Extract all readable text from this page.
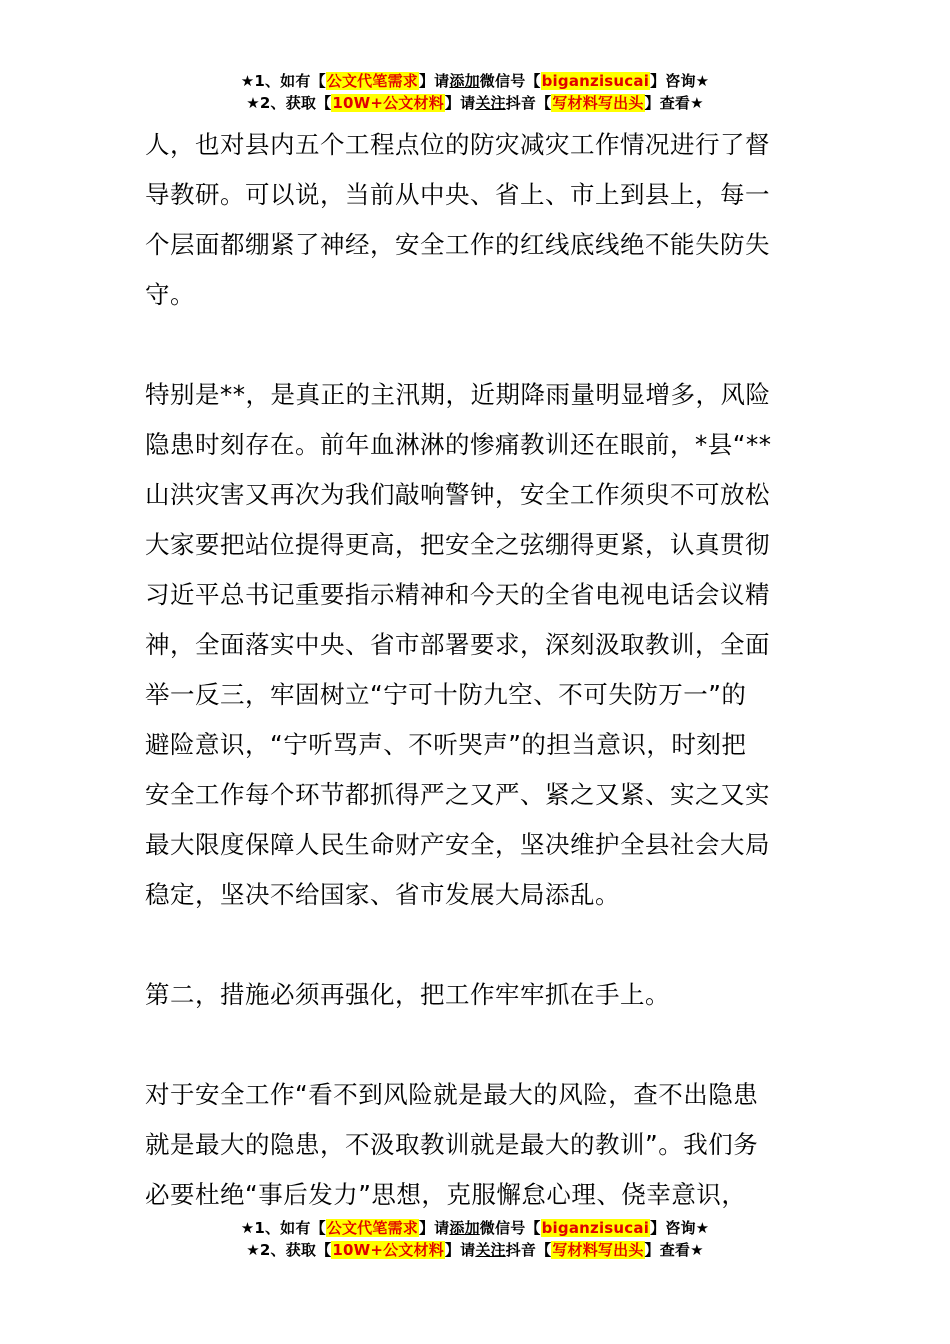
★1、如有【公文代笔需求】请添加微信号【biganzisucai】咨询★
★2、获取【10W+公文材料】请关注抖音【写材料写出头】查看★
人，也对县内五个工程点位的防灾减灾工作情况进行了督
导教研。可以说，当前从中央、省上、市上到县上，每一
个层面都绷紧了神经，安全工作的红线底线绝不能失防失
守。
特别是**，是真正的主汛期，近期降雨量明显增多，风险
隐患时刻存在。前年血淋淋的惨痛教训还在眼前，*县“**
山洪灾害又再次为我们敲响警钟，安全工作须臾不可放松
大家要把站位提得更高，把安全之弦绷得更紧，认真贯彻
习近平总书记重要指示精神和今天的全省电视电话会议精
神，全面落实中央、省市部署要求，深刻汲取教训，全面
举一反三，牢固树立“宁可十防九空、不可失防万一”的
避险意识，“宁听骂声、不听哭声”的担当意识，时刻把
安全工作每个环节都抓得严之又严、紧之又紧、实之又实
最大限度保障人民生命财产安全，坚决维护全县社会大局
稳定，坚决不给国家、省市发展大局添乱。
第二，措施必须再强化，把工作牢牢抓在手上。
对于安全工作“看不到风险就是最大的风险，查不出隐患
就是最大的隐患，不汲取教训就是最大的教训”。我们务
必要杜绝“事后发力”思想，克服懈怠心理、侥幸意识，
★1、如有【公文代笔需求】请添加微信号【biganzisucai】咨询★
★2、获取【10W+公文材料】请关注抖音【写材料写出头】查看★
